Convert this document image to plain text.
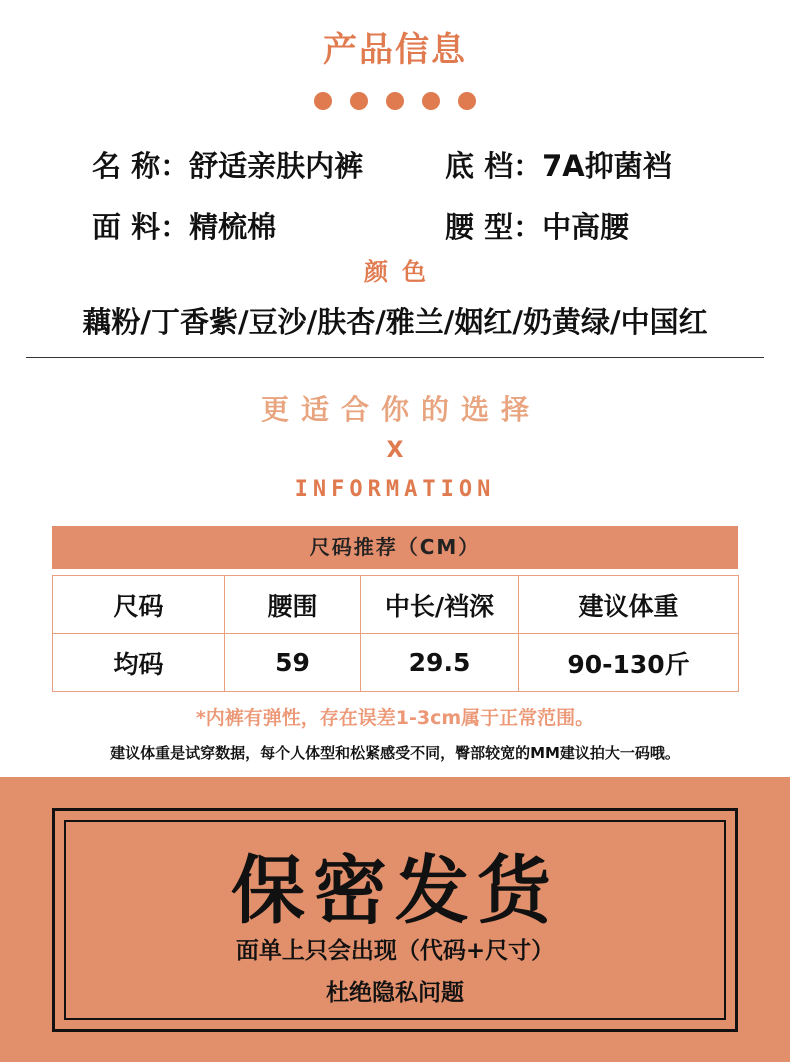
产品信息
名 称：舒适亲肤内裤	底 档：7A抑菌裆
面 料：精梳棉	腰 型：中高腰
颜色
藕粉/丁香紫/豆沙/肤杏/雅兰/姻红/奶黄绿/中国红
更适合你的选择
X
INFORMATION
尺码推荐（CM）
尺码	腰围	中长/裆深	建议体重
均码	59	29.5	90-130斤
*内裤有弹性，存在误差1-3cm属于正常范围。
建议体重是试穿数据，每个人体型和松紧感受不同，臀部较宽的MM建议拍大一码哦。
保密发货
面单上只会出现（代码+尺寸）
杜绝隐私问题
